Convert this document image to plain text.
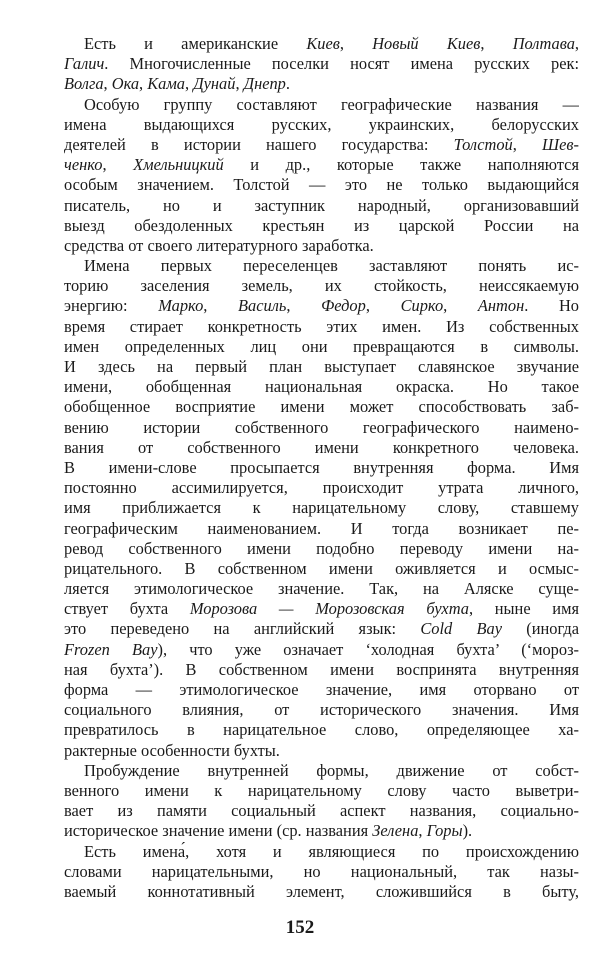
Есть и американские Киев, Новый Киев, Полтава,
Галич. Многочисленные поселки носят имена русских рек:
Волга, Ока, Кама, Дунай, Днепр.
Особую группу составляют географические названия —
имена выдающихся русских, украинских, белорусских
деятелей в истории нашего государства: Толстой, Шев-
ченко, Хмельницкий и др., которые также наполняются
особым значением. Толстой — это не только выдающийся
писатель, но и заступник народный, организовавший
выезд обездоленных крестьян из царской России на
средства от своего литературного заработка.
Имена первых переселенцев заставляют понять ис-
торию заселения земель, их стойкость, неиссякаемую
энергию: Марко, Василь, Федор, Сирко, Антон. Но
время стирает конкретность этих имен. Из собственных
имен определенных лиц они превращаются в символы.
И здесь на первый план выступает славянское звучание
имени, обобщенная национальная окраска. Но такое
обобщенное восприятие имени может способствовать заб-
вению истории собственного географического наимено-
вания от собственного имени конкретного человека.
В имени-слове просыпается внутренняя форма. Имя
постоянно ассимилируется, происходит утрата личного,
имя приближается к нарицательному слову, ставшему
географическим наименованием. И тогда возникает пе-
ревод собственного имени подобно переводу имени на-
рицательного. В собственном имени оживляется и осмыс-
ляется этимологическое значение. Так, на Аляске суще-
ствует бухта Морозова — Морозовская бухта, ныне имя
это переведено на английский язык: Cold Bay (иногда
Frozen Bay), что уже означает ‘холодная бухта’ (‘мороз-
ная бухта’). В собственном имени воспринята внутренняя
форма — этимологическое значение, имя оторвано от
социального влияния, от исторического значения. Имя
превратилось в нарицательное слово, определяющее ха-
рактерные особенности бухты.
Пробуждение внутренней формы, движение от собст-
венного имени к нарицательному слову часто выветри-
вает из памяти социальный аспект названия, социально-
историческое значение имени (ср. названия Зелена, Горы).
Есть имена́, хотя и являющиеся по происхождению
словами нарицательными, но национальный, так назы-
ваемый коннотативный элемент, сложившийся в быту,
152
